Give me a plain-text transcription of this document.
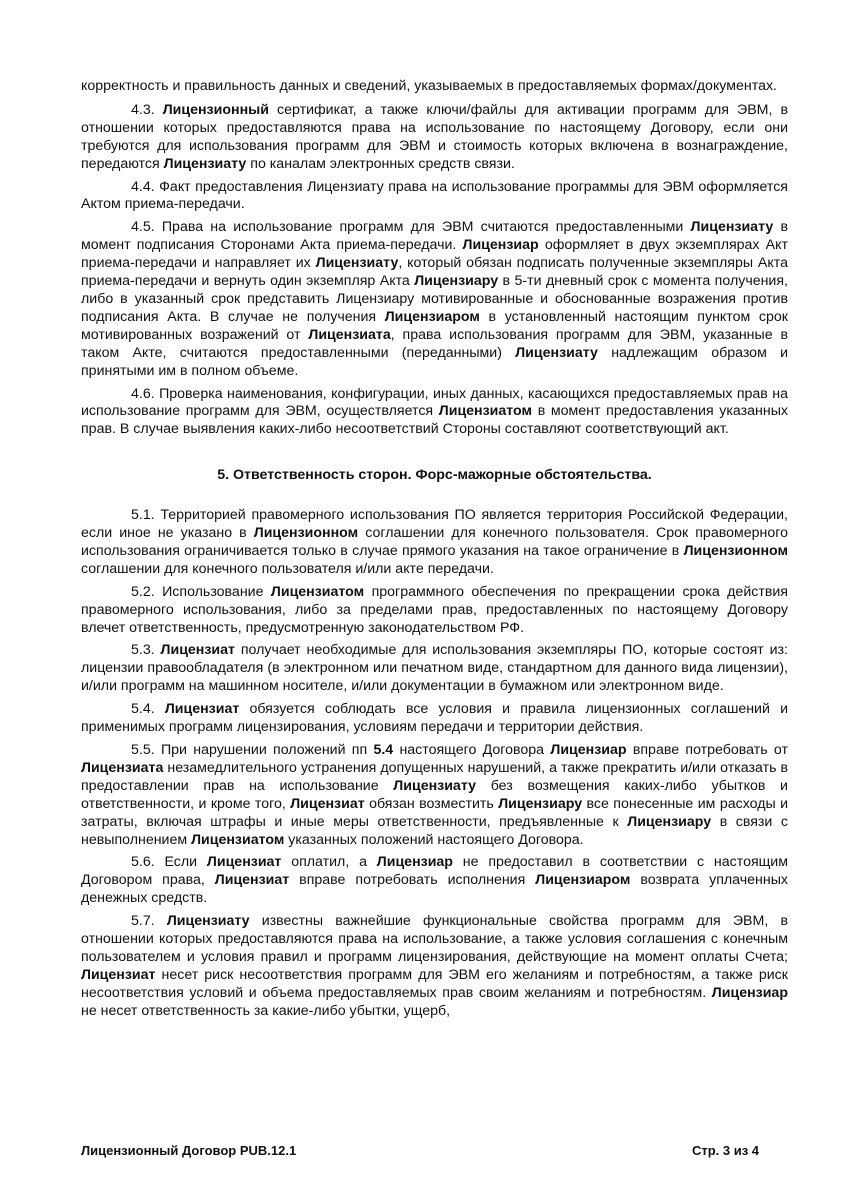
корректность и правильность данных и сведений, указываемых в предоставляемых формах/документах.

4.3. Лицензионный сертификат, а также ключи/файлы для активации программ для ЭВМ, в отношении которых предоставляются права на использование по настоящему Договору, если они требуются для использования программ для ЭВМ и стоимость которых включена в вознаграждение, передаются Лицензиату по каналам электронных средств связи.

4.4. Факт предоставления Лицензиату права на использование программы для ЭВМ оформляется Актом приема-передачи.

4.5. Права на использование программ для ЭВМ считаются предоставленными Лицензиату в момент подписания Сторонами Акта приема-передачи. Лицензиар оформляет в двух экземплярах Акт приема-передачи и направляет их Лицензиату, который обязан подписать полученные экземпляры Акта приема-передачи и вернуть один экземпляр Акта Лицензиару в 5-ти дневный срок с момента получения, либо в указанный срок представить Лицензиару мотивированные и обоснованные возражения против подписания Акта. В случае не получения Лицензиаром в установленный настоящим пунктом срок мотивированных возражений от Лицензиата, права использования программ для ЭВМ, указанные в таком Акте, считаются предоставленными (переданными) Лицензиату надлежащим образом и принятыми им в полном объеме.

4.6. Проверка наименования, конфигурации, иных данных, касающихся предоставляемых прав на использование программ для ЭВМ, осуществляется Лицензиатом в момент предоставления указанных прав. В случае выявления каких-либо несоответствий Стороны составляют соответствующий акт.

5. Ответственность сторон. Форс-мажорные обстоятельства.

5.1. Территорией правомерного использования ПО является территория Российской Федерации, если иное не указано в Лицензионном соглашении для конечного пользователя. Срок правомерного использования ограничивается только в случае прямого указания на такое ограничение в Лицензионном соглашении для конечного пользователя и/или акте передачи.

5.2. Использование Лицензиатом программного обеспечения по прекращении срока действия правомерного использования, либо за пределами прав, предоставленных по настоящему Договору влечет ответственность, предусмотренную законодательством РФ.

5.3. Лицензиат получает необходимые для использования экземпляры ПО, которые состоят из: лицензии правообладателя (в электронном или печатном виде, стандартном для данного вида лицензии), и/или программ на машинном носителе, и/или документации в бумажном или электронном виде.

5.4. Лицензиат обязуется соблюдать все условия и правила лицензионных соглашений и применимых программ лицензирования, условиям передачи и территории действия.

5.5. При нарушении положений пп 5.4 настоящего Договора Лицензиар вправе потребовать от Лицензиата незамедлительного устранения допущенных нарушений, а также прекратить и/или отказать в предоставлении прав на использование Лицензиату без возмещения каких-либо убытков и ответственности, и кроме того, Лицензиат обязан возместить Лицензиару все понесенные им расходы и затраты, включая штрафы и иные меры ответственности, предъявленные к Лицензиару в связи с невыполнением Лицензиатом указанных положений настоящего Договора.

5.6. Если Лицензиат оплатил, а Лицензиар не предоставил в соответствии с настоящим Договором права, Лицензиат вправе потребовать исполнения Лицензиаром возврата уплаченных денежных средств.

5.7. Лицензиату известны важнейшие функциональные свойства программ для ЭВМ, в отношении которых предоставляются права на использование, а также условия соглашения с конечным пользователем и условия правил и программ лицензирования, действующие на момент оплаты Счета; Лицензиат несет риск несоответствия программ для ЭВМ его желаниям и потребностям, а также риск несоответствия условий и объема предоставляемых прав своим желаниям и потребностям. Лицензиар не несет ответственность за какие-либо убытки, ущерб,

Лицензионный Договор PUB.12.1	Стр. 3 из 4
